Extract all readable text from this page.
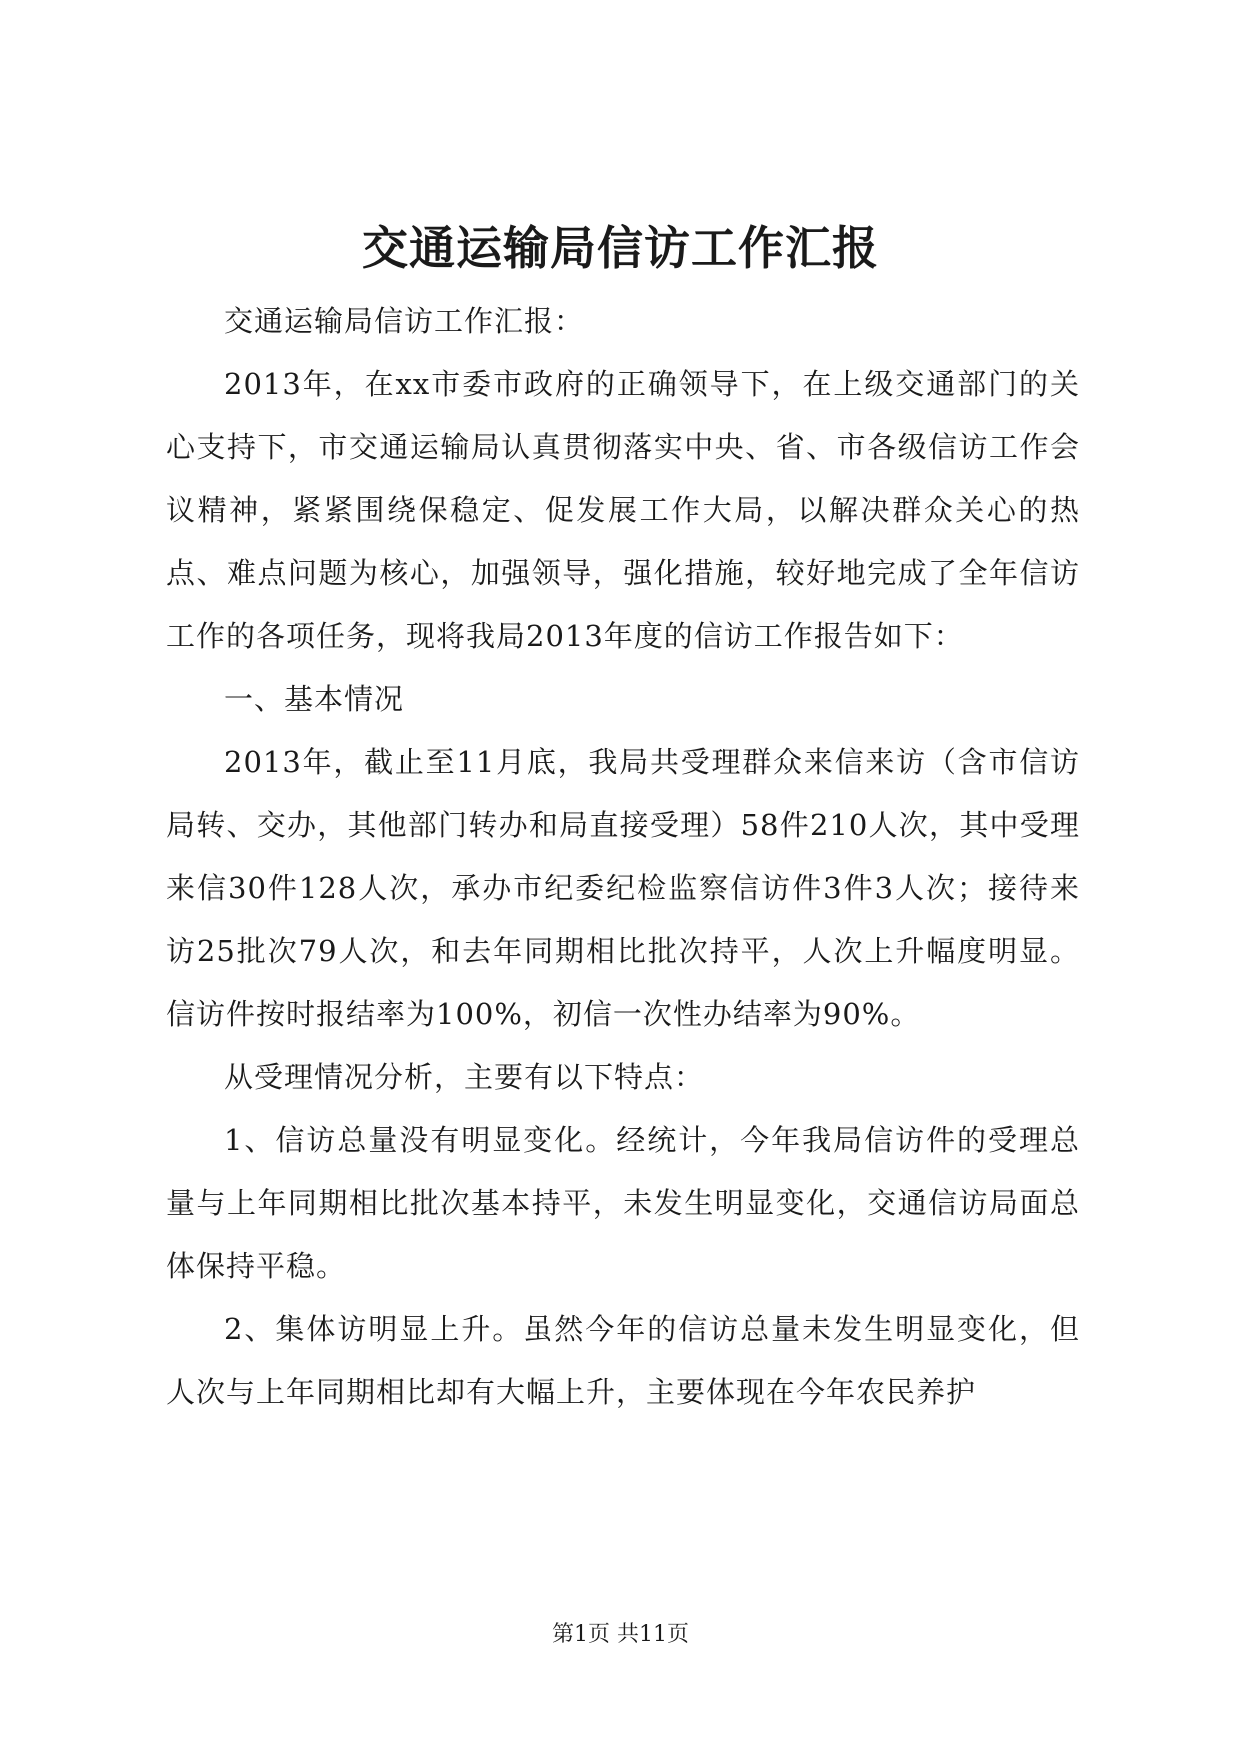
交通运输局信访工作汇报

交通运输局信访工作汇报：

2013年，在xx市委市政府的正确领导下，在上级交通部门的关心支持下，市交通运输局认真贯彻落实中央、省、市各级信访工作会议精神，紧紧围绕保稳定、促发展工作大局，以解决群众关心的热点、难点问题为核心，加强领导，强化措施，较好地完成了全年信访工作的各项任务，现将我局2013年度的信访工作报告如下：

一、基本情况

2013年，截止至11月底，我局共受理群众来信来访（含市信访局转、交办，其他部门转办和局直接受理）58件210人次，其中受理来信30件128人次，承办市纪委纪检监察信访件3件3人次；接待来访25批次79人次，和去年同期相比批次持平，人次上升幅度明显。信访件按时报结率为100%，初信一次性办结率为90%。

从受理情况分析，主要有以下特点：

1、信访总量没有明显变化。经统计，今年我局信访件的受理总量与上年同期相比批次基本持平，未发生明显变化，交通信访局面总体保持平稳。

2、集体访明显上升。虽然今年的信访总量未发生明显变化，但人次与上年同期相比却有大幅上升，主要体现在今年农民养护

第1页 共11页
